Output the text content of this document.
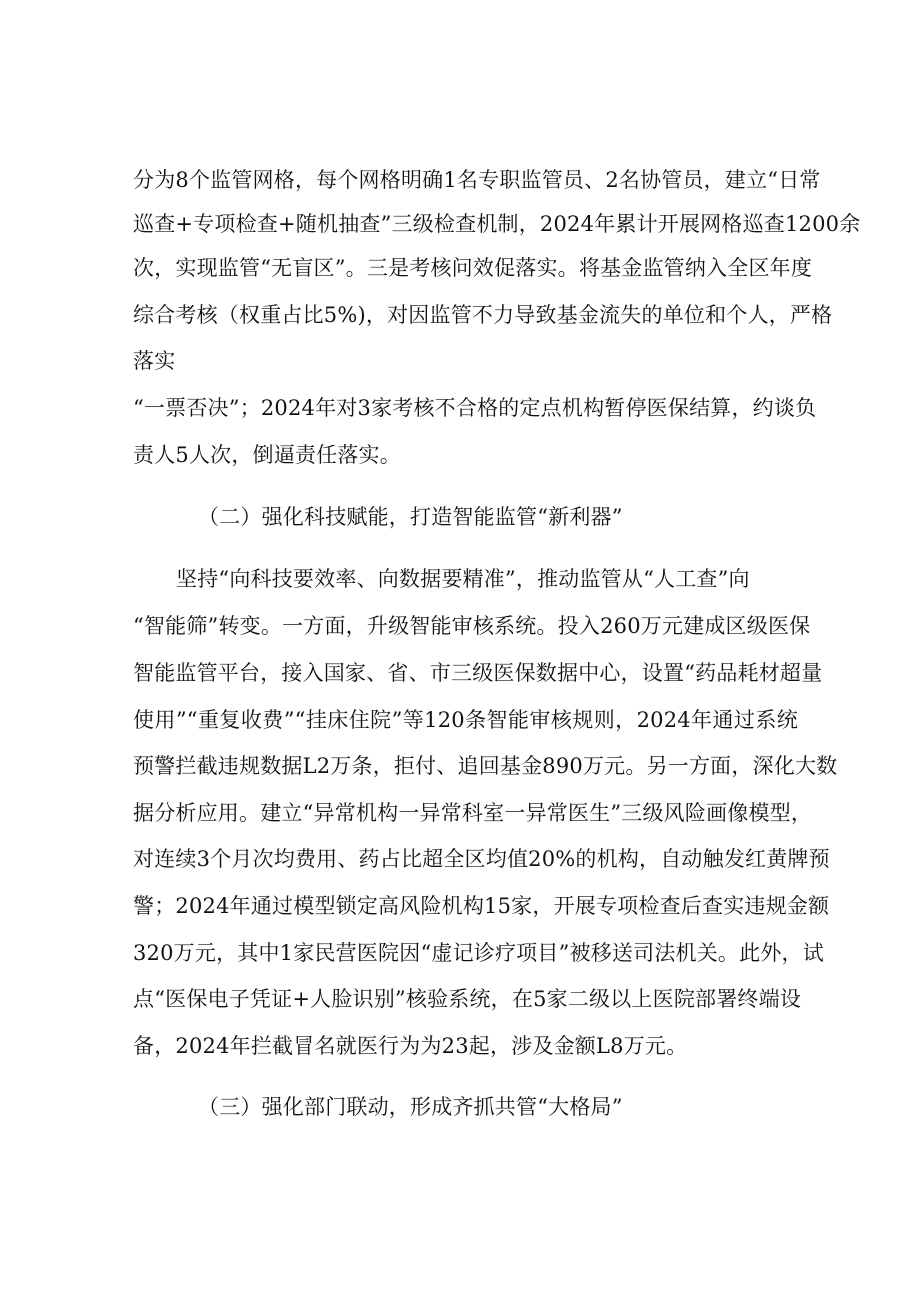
分为8个监管网格，每个网格明确1名专职监管员、2名协管员，建立“日常
巡查+专项检查+随机抽查”三级检查机制，2024年累计开展网格巡查1200余
次，实现监管“无盲区”。三是考核问效促落实。将基金监管纳入全区年度
综合考核（权重占比5%)，对因监管不力导致基金流失的单位和个人，严格
落实
“一票否决”；2024年对3家考核不合格的定点机构暂停医保结算，约谈负
责人5人次，倒逼责任落实。
（二）强化科技赋能，打造智能监管“新利器”
坚持“向科技要效率、向数据要精准”，推动监管从“人工查”向
“智能筛”转变。一方面，升级智能审核系统。投入260万元建成区级医保
智能监管平台，接入国家、省、市三级医保数据中心，设置“药品耗材超量
使用”“重复收费”“挂床住院”等120条智能审核规则，2024年通过系统
预警拦截违规数据L2万条，拒付、追回基金890万元。另一方面，深化大数
据分析应用。建立“异常机构一异常科室一异常医生”三级风险画像模型，
对连续3个月次均费用、药占比超全区均值20%的机构，自动触发红黄牌预
警；2024年通过模型锁定高风险机构15家，开展专项检查后查实违规金额
320万元，其中1家民营医院因“虚记诊疗项目”被移送司法机关。此外，试
点“医保电子凭证+人脸识别”核验系统，在5家二级以上医院部署终端设
备，2024年拦截冒名就医行为为23起，涉及金额L8万元。
（三）强化部门联动，形成齐抓共管“大格局”
